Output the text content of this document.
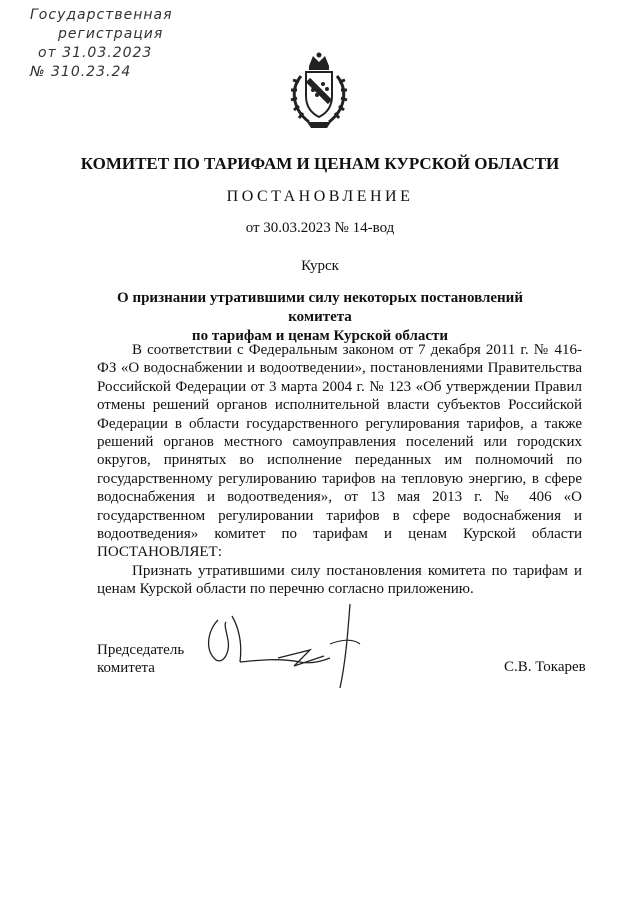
Государственная
регистрация
от 31.03.2023
№ 310.23.24
КОМИТЕТ ПО ТАРИФАМ И ЦЕНАМ КУРСКОЙ ОБЛАСТИ
ПОСТАНОВЛЕНИЕ
от 30.03.2023 № 14-вод
Курск
О признании утратившими силу некоторых постановлений комитета
по тарифам и ценам Курской области

В соответствии с Федеральным законом от 7 декабря 2011 г. № 416-ФЗ «О водоснабжении и водоотведении», постановлениями Правительства Российской Федерации от 3 марта 2004 г. № 123 «Об утверждении Правил отмены решений органов исполнительной власти субъектов Российской Федерации в области государственного регулирования тарифов, а также решений органов местного самоуправления поселений или городских округов, принятых во исполнение переданных им полномочий по государственному регулированию тарифов на тепловую энергию, в сфере водоснабжения и водоотведения», от 13 мая 2013 г. № 406 «О государственном регулировании тарифов в сфере водоснабжения и водоотведения» комитет по тарифам и ценам Курской области ПОСТАНОВЛЯЕТ:

Признать утратившими силу постановления комитета по тарифам и ценам Курской области по перечню согласно приложению.

Председатель
комитета	С.В. Токарев
